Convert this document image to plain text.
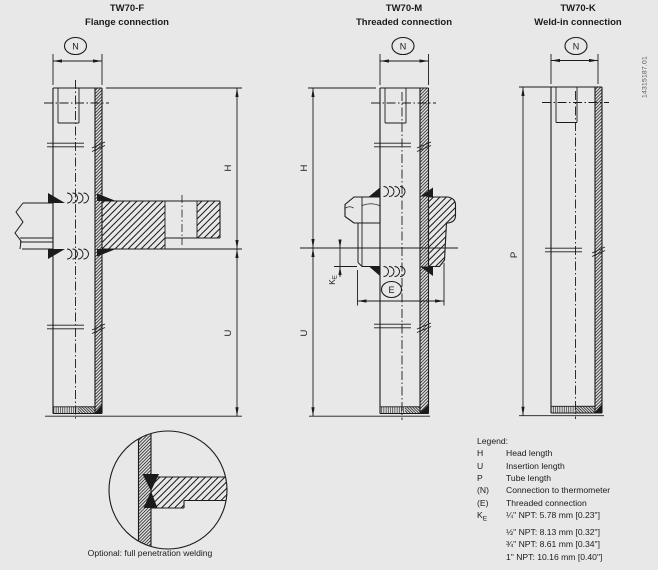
TW70-F
Flange connection
TW70-M
Threaded connection
TW70-K
Weld-in connection
N
H
U
N
E
H
U
KE
N
P
14315187.01
Legend:
H	Head length
U	Insertion length
P	Tube length
(N) Connection to thermometer
(E) Threaded connection
$K_E$ ¼" NPT: 5.78 mm [0.23"]
½" NPT: 8.13 mm [0.32"]
¾" NPT: 8.61 mm [0.34"]
1" NPT: 10.16 mm [0.40"]
Optional: full penetration welding
